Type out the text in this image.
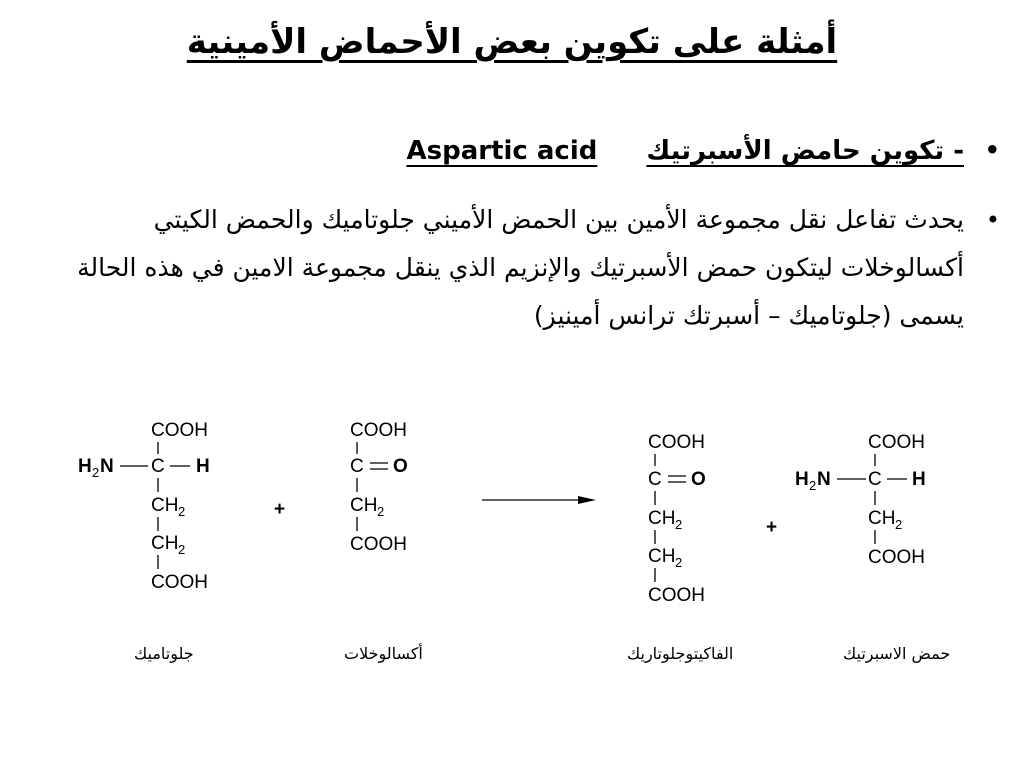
أمثلة على تكوين بعض الأحماض الأمينية
•
- تكوين حامض الأسبرتيك Aspartic acid
•
يحدث تفاعل نقل مجموعة الأمين بين الحمض الأميني جلوتاميك والحمض الكيتي أكسالوخلات ليتكون حمض الأسبرتيك والإنزيم الذي ينقل مجموعة الامين في هذه الحالة يسمى (جلوتاميك – أسبرتك ترانس أمينيز)
COOH
H 2 N C H
CH 2
CH 2
COOH
COOH
C O
CH 2
COOH
COOH
C O
CH 2
CH 2
COOH
COOH
H 2 N C H
CH 2
COOH
+
+
جلوتاميك	أكسالوخلات	الفاكيتوجلوتاريك	حمض الاسبرتيك
